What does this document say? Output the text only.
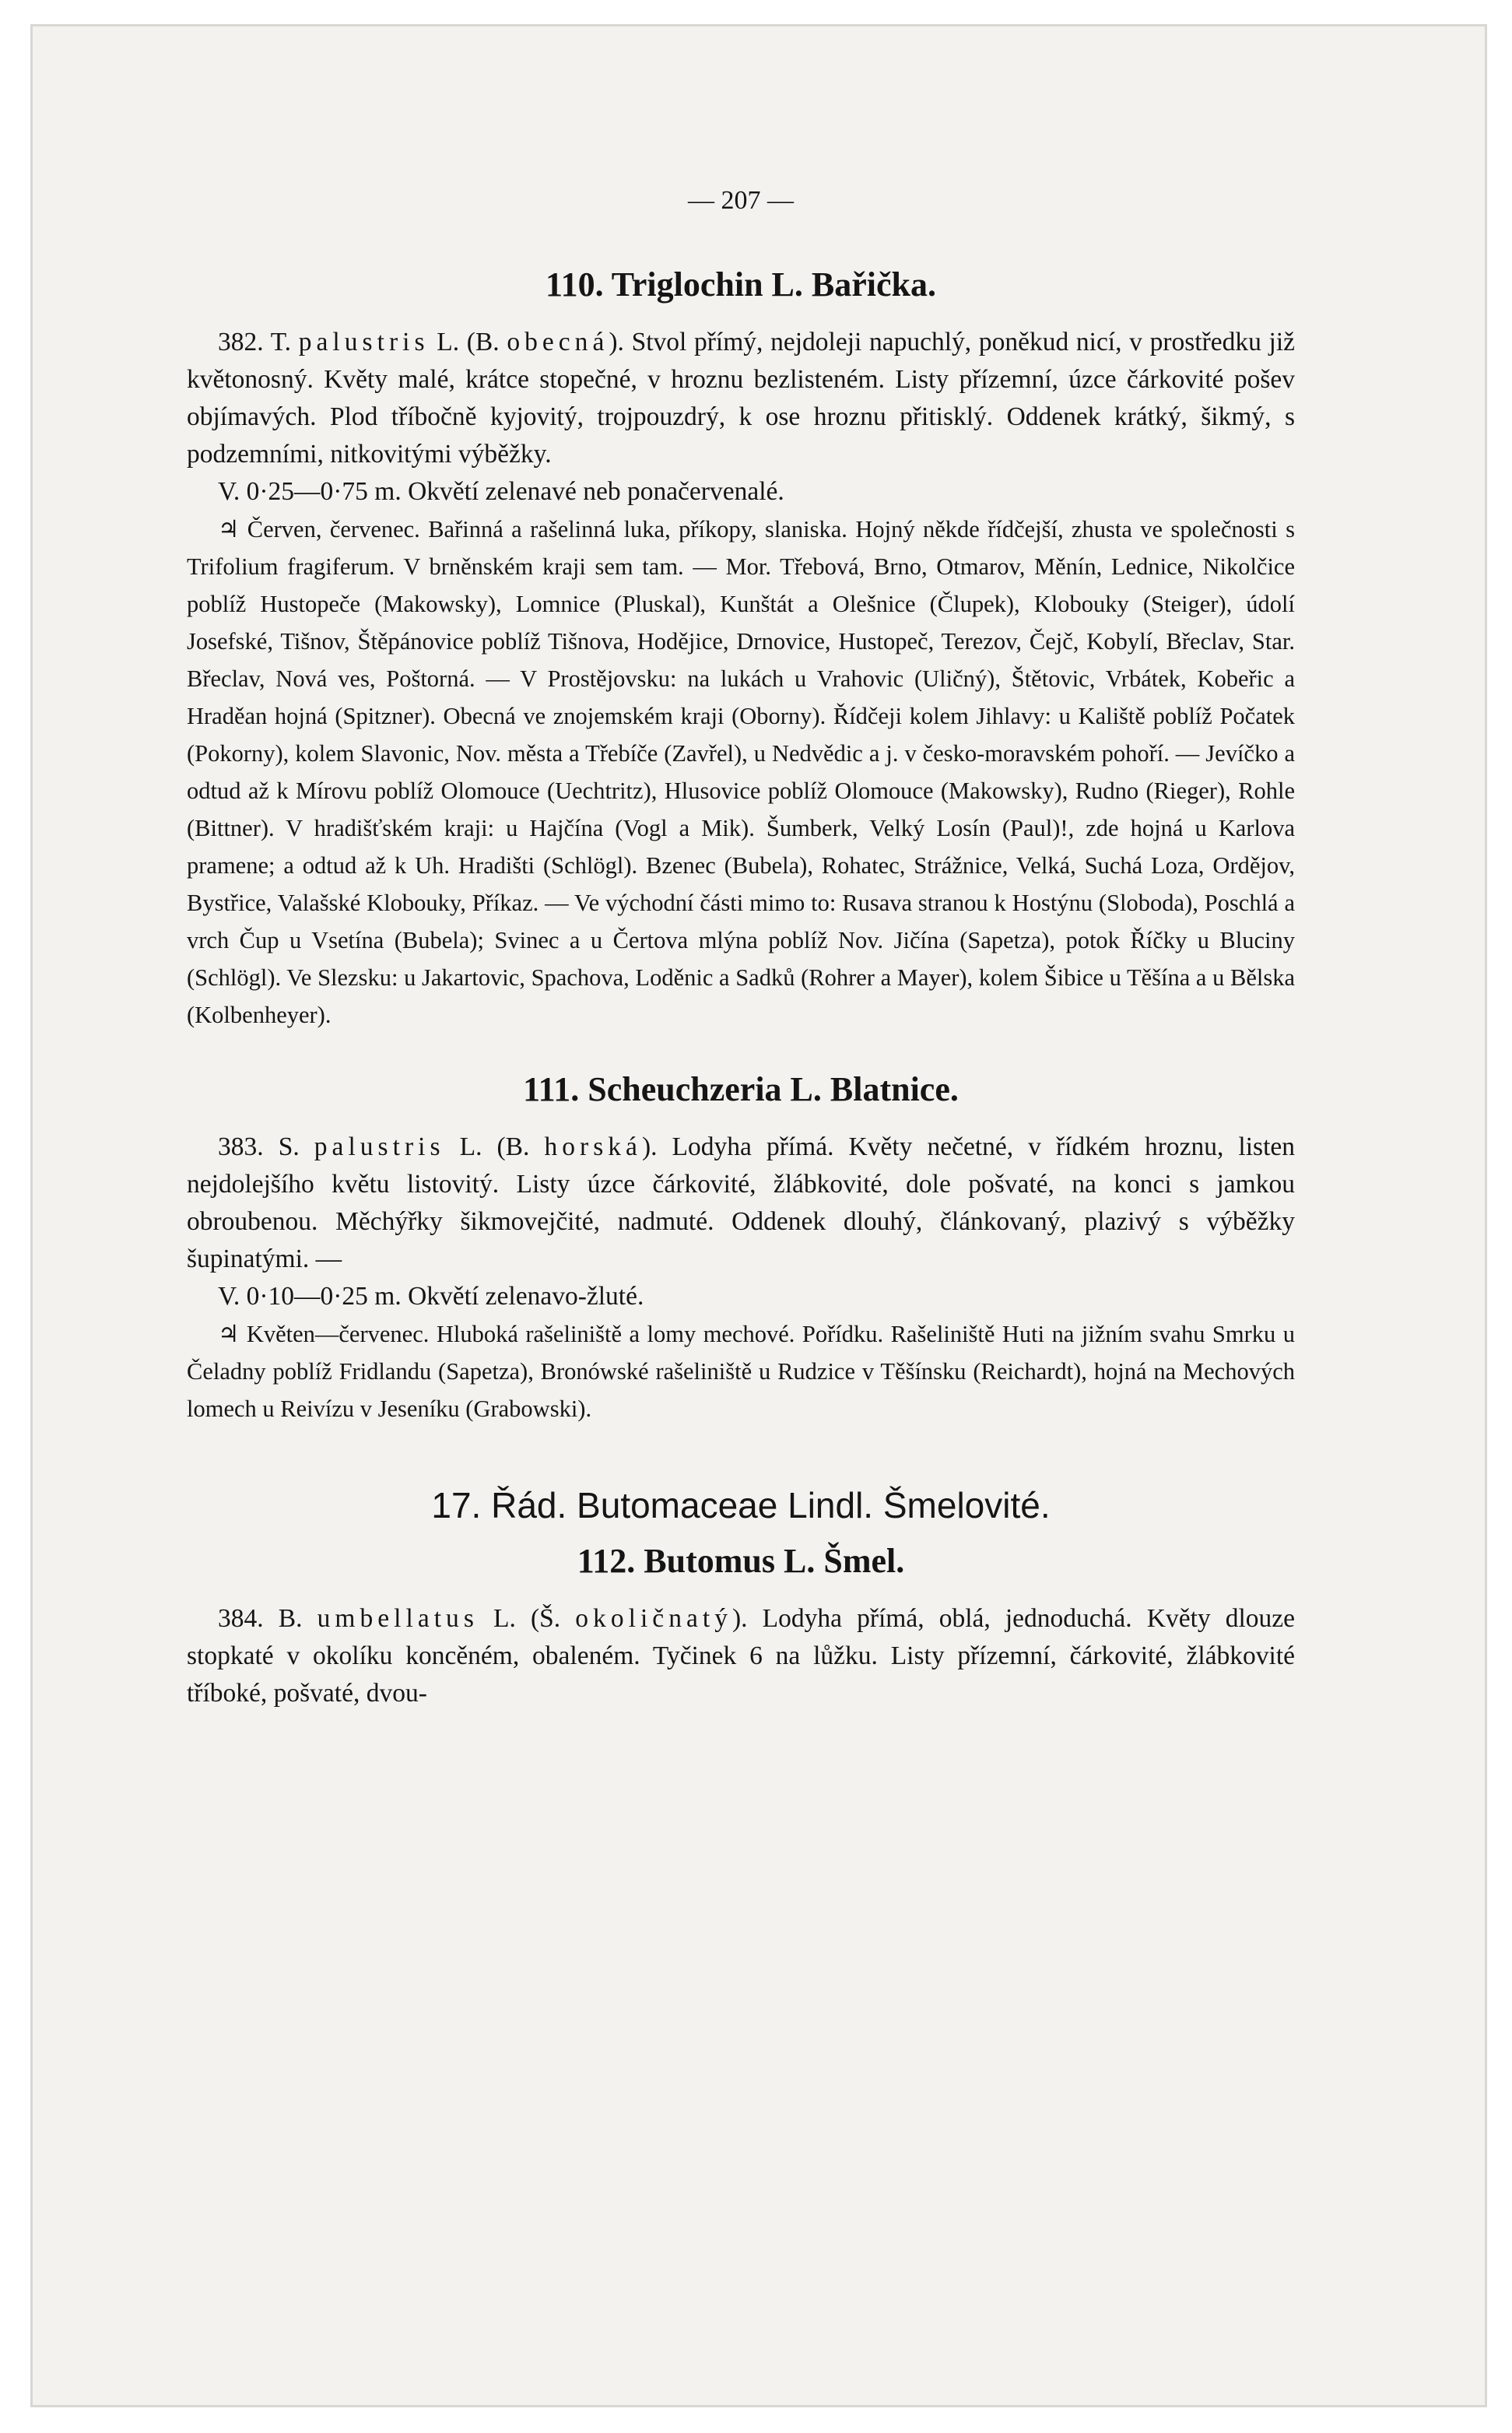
— 207 —
110. Triglochin L. Bařička.

382. T. palustris L. (B. obecná). Stvol přímý, nejdoleji napuchlý, poněkud nicí, v prostředku již květonosný. Květy malé, krátce stopečné, v hroznu bezlisteném. Listy přízemní, úzce čárkovité pošev objímavých. Plod tříbočně kyjovitý, trojpouzdrý, k ose hroznu přitisklý. Oddenek krátký, šikmý, s podzemními, nitkovitými výběžky.

V. 0·25—0·75 m. Okvětí zelenavé neb ponačervenalé.

♃ Červen, červenec. Bařinná a rašelinná luka, příkopy, slaniska. Hojný někde řídčejší, zhusta ve společnosti s Trifolium fragiferum. V brněnském kraji sem tam. — Mor. Třebová, Brno, Otmarov, Měnín, Lednice, Nikolčice poblíž Hustopeče (Makowsky), Lomnice (Pluskal), Kunštát a Olešnice (Člupek), Klobouky (Steiger), údolí Josefské, Tišnov, Štěpánovice poblíž Tišnova, Hodějice, Drnovice, Hustopeč, Terezov, Čejč, Kobylí, Břeclav, Star. Břeclav, Nová ves, Poštorná. — V Prostějovsku: na lukách u Vrahovic (Uličný), Štětovic, Vrbátek, Kobeřic a Hraděan hojná (Spitzner). Obecná ve znojemském kraji (Oborny). Řídčeji kolem Jihlavy: u Kaliště poblíž Počatek (Pokorny), kolem Slavonic, Nov. města a Třebíče (Zavřel), u Nedvědic a j. v česko-moravském pohoří. — Jevíčko a odtud až k Mírovu poblíž Olomouce (Uechtritz), Hlusovice poblíž Olomouce (Makowsky), Rudno (Rieger), Rohle (Bittner). V hradišťském kraji: u Hajčína (Vogl a Mik). Šumberk, Velký Losín (Paul)!, zde hojná u Karlova pramene; a odtud až k Uh. Hradišti (Schlögl). Bzenec (Bubela), Rohatec, Strážnice, Velká, Suchá Loza, Ordějov, Bystřice, Valašské Klobouky, Příkaz. — Ve východní části mimo to: Rusava stranou k Hostýnu (Sloboda), Poschlá a vrch Čup u Vsetína (Bubela); Svinec a u Čertova mlýna poblíž Nov. Jičína (Sapetza), potok Říčky u Bluciny (Schlögl). Ve Slezsku: u Jakartovic, Spachova, Loděnic a Sadků (Rohrer a Mayer), kolem Šibice u Těšína a u Bělska (Kolbenheyer).

111. Scheuchzeria L. Blatnice.

383. S. palustris L. (B. horská). Lodyha přímá. Květy nečetné, v řídkém hroznu, listen nejdolejšího květu listovitý. Listy úzce čárkovité, žlábkovité, dole pošvaté, na konci s jamkou obroubenou. Měchýřky šikmovejčité, nadmuté. Oddenek dlouhý, článkovaný, plazivý s výběžky šupinatými. —

V. 0·10—0·25 m. Okvětí zelenavo-žluté.

♃ Květen—červenec. Hluboká rašeliniště a lomy mechové. Pořídku. Rašeliniště Huti na jižním svahu Smrku u Čeladny poblíž Fridlandu (Sapetza), Bronówské rašeliniště u Rudzice v Těšínsku (Reichardt), hojná na Mechových lomech u Reivízu v Jeseníku (Grabowski).

17. Řád. Butomaceae Lindl. Šmelovité.
112. Butomus L. Šmel.

384. B. umbellatus L. (Š. okoličnatý). Lodyha přímá, oblá, jednoduchá. Květy dlouze stopkaté v okolíku koncěném, obaleném. Tyčinek 6 na lůžku. Listy přízemní, čárkovité, žlábkovité tříboké, pošvaté, dvou-
